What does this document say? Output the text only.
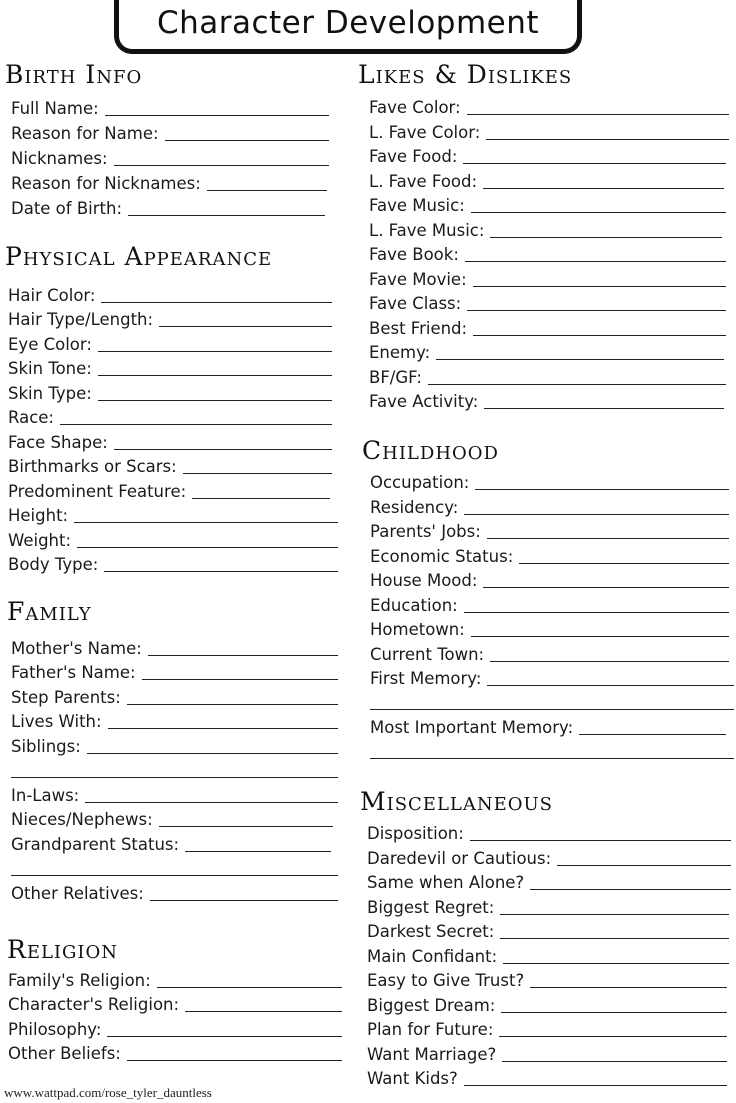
Character Development
Birth Info
Full Name:
Reason for Name:
Nicknames:
Reason for Nicknames:
Date of Birth:
Physical Appearance
Hair Color:
Hair Type/Length:
Eye Color:
Skin Tone:
Skin Type:
Race:
Face Shape:
Birthmarks or Scars:
Predominent Feature:
Height:
Weight:
Body Type:
Family
Mother's Name:
Father's Name:
Step Parents:
Lives With:
Siblings:
In-Laws:
Nieces/Nephews:
Grandparent Status:
Other Relatives:
Religion
Family's Religion:
Character's Religion:
Philosophy:
Other Beliefs:
Likes & Dislikes
Fave Color:
L. Fave Color:
Fave Food:
L. Fave Food:
Fave Music:
L. Fave Music:
Fave Book:
Fave Movie:
Fave Class:
Best Friend:
Enemy:
BF/GF:
Fave Activity:
Childhood
Occupation:
Residency:
Parents' Jobs:
Economic Status:
House Mood:
Education:
Hometown:
Current Town:
First Memory:
Most Important Memory:
Miscellaneous
Disposition:
Daredevil or Cautious:
Same when Alone?
Biggest Regret:
Darkest Secret:
Main Confidant:
Easy to Give Trust?
Biggest Dream:
Plan for Future:
Want Marriage?
Want Kids?
www.wattpad.com/rose_tyler_dauntless
